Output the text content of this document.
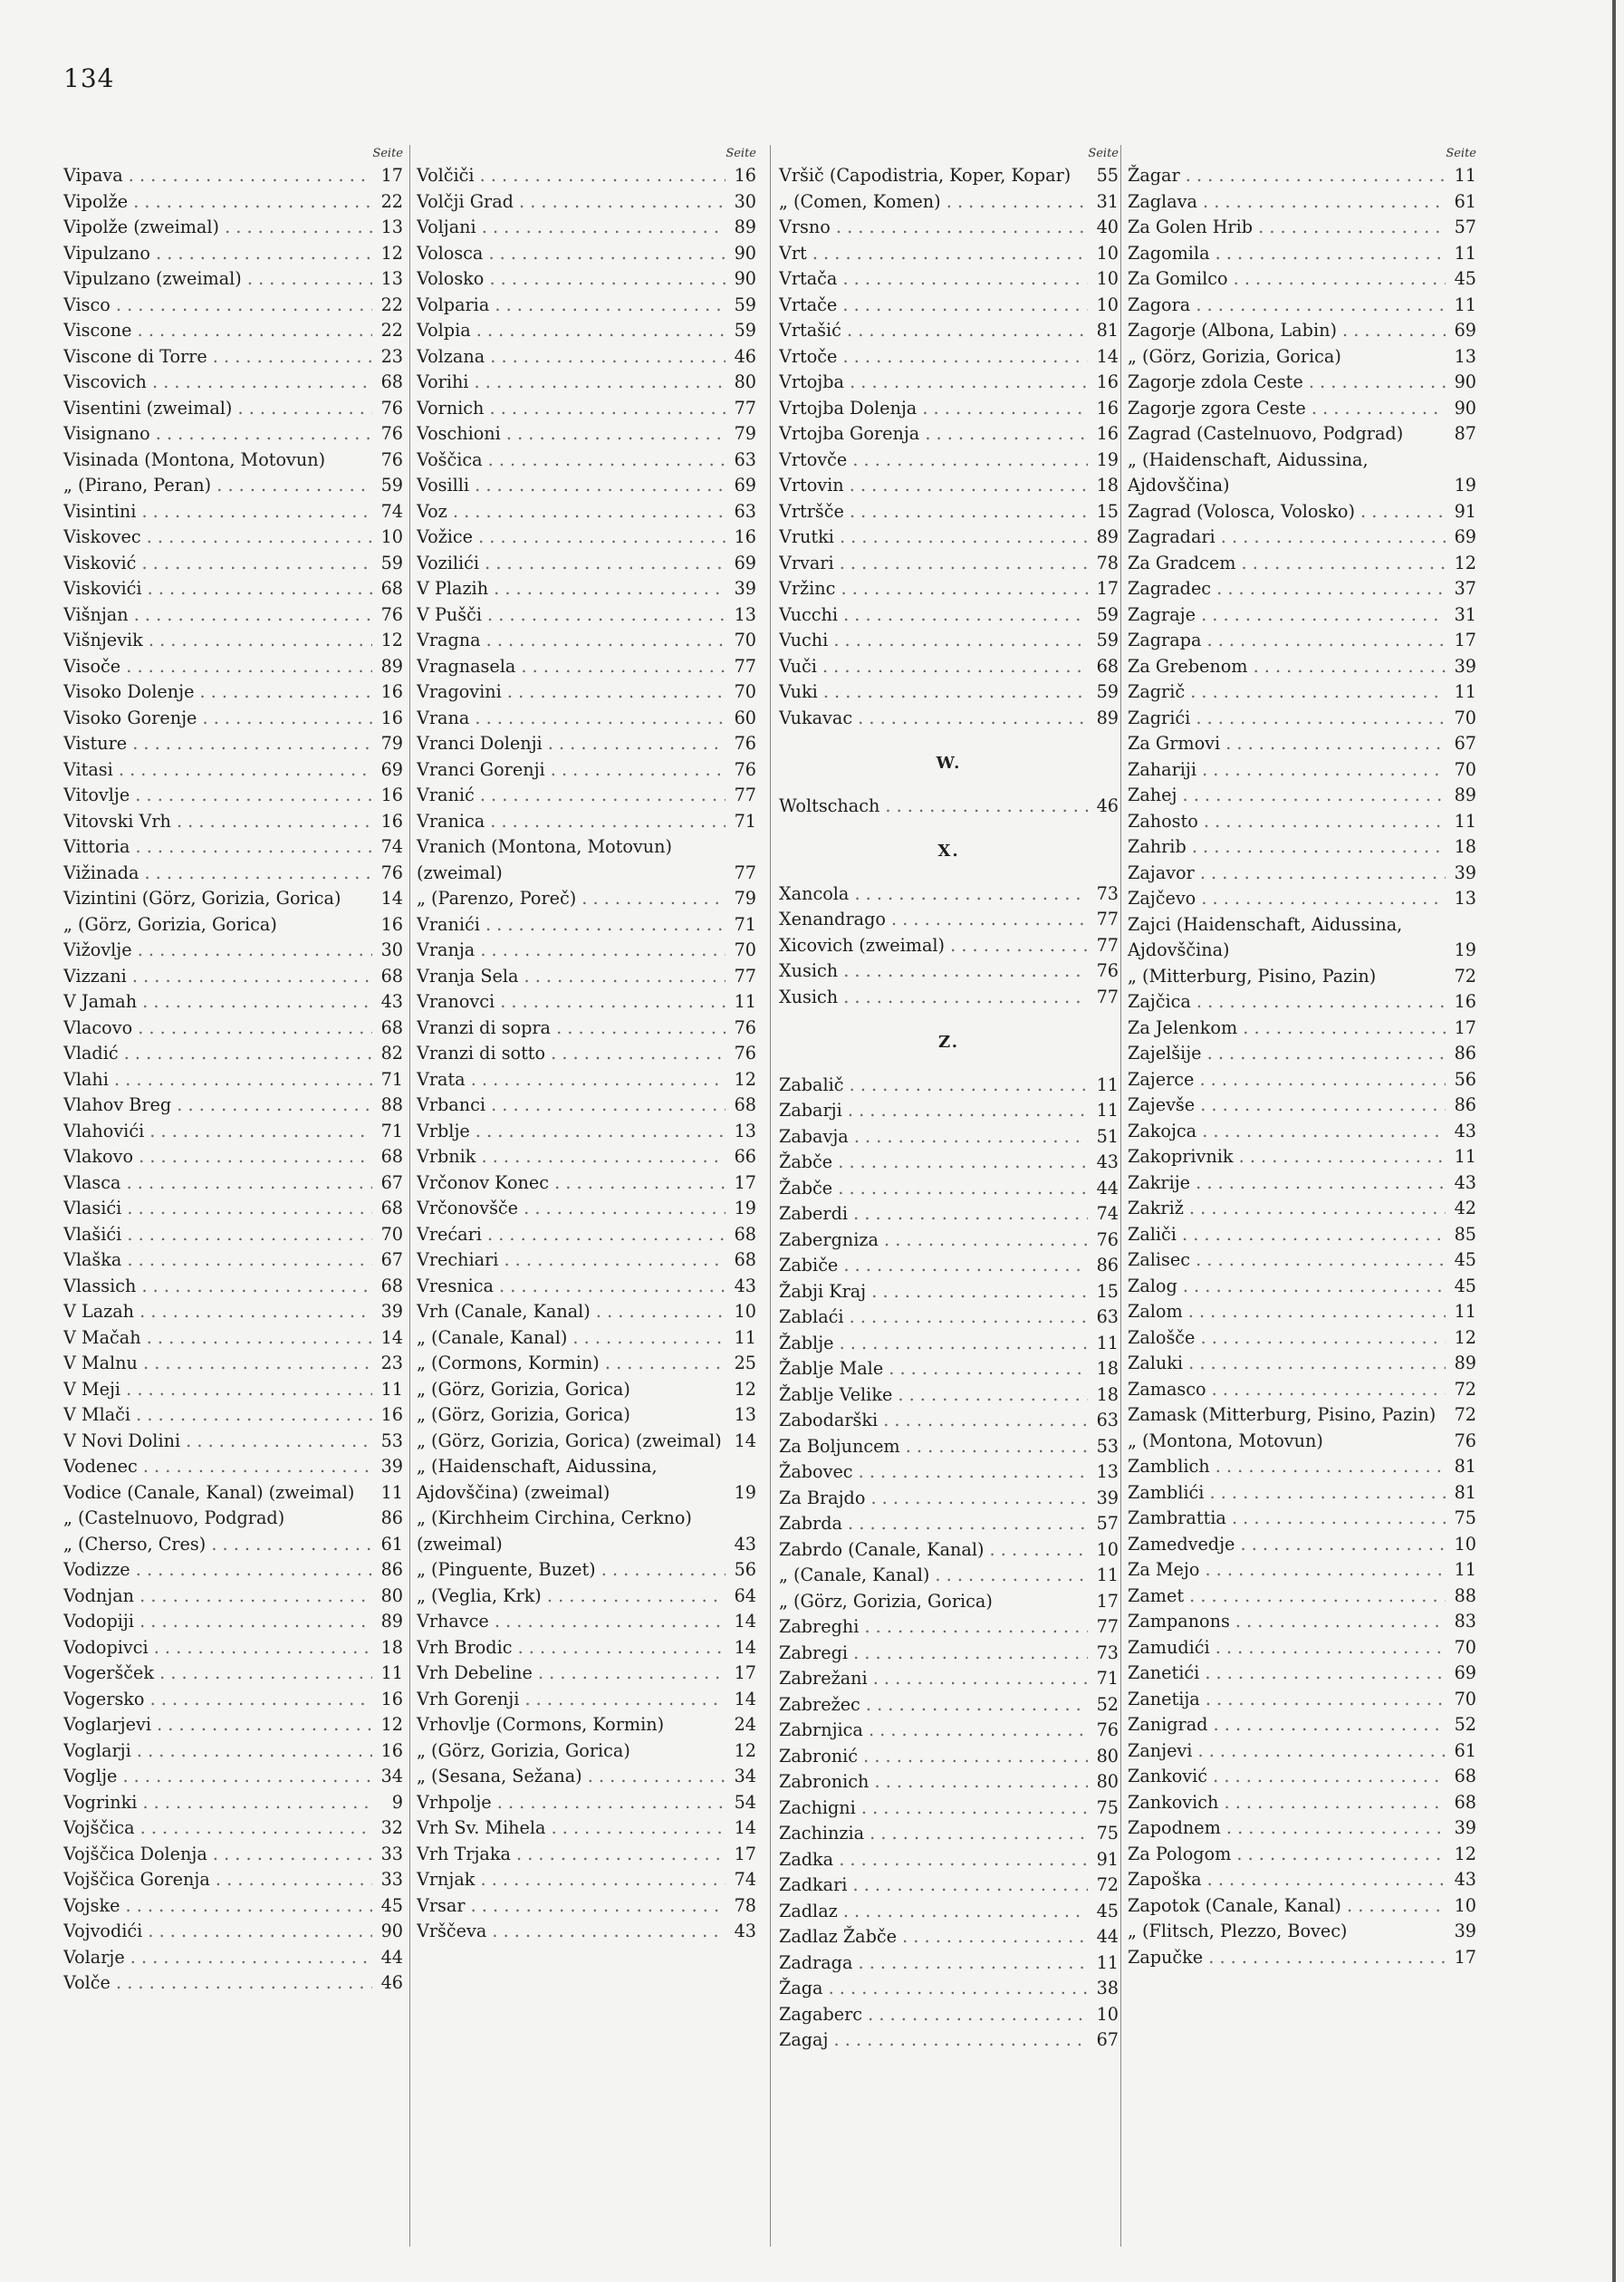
134
Seite
Vipava . . .	17
Vipolže . . .	22
Vipolže (zweimal) . . .	13
Vipulzano . . .	12
Vipulzano (zweimal) . . .	13
Visco . . .	22
Viscone . . .	22
Viscone di Torre . . .	23
Viscovich . . .	68
Visentini (zweimal) . . .	76
Visignano . . .	76
Visinada (Montona, Motovun)	76
„ (Pirano, Peran) . . .	59
Visintini . . .	74
Viskovec . . .	10
Visković . . .	59
Viskovići . . .	68
Višnjan . . .	76
Višnjevik . . .	12
Visoče . . .	89
Visoko Dolenje . . .	16
Visoko Gorenje . . .	16
Visture . . .	79
Vitasi . . .	69
Vitovlje . . .	16
Vitovski Vrh . . .	16
Vittoria . . .	74
Vižinada . . .	76
Vizintini (Görz, Gorizia, Gorica)	14
„ (Görz, Gorizia, Gorica)	16
Vižovlje . . .	30
Vizzani . . .	68
V Jamah . . .	43
Vlacovo . . .	68
Vladić . . .	82
Vlahi . . .	71
Vlahov Breg . . .	88
Vlahovići . . .	71
Vlakovo . . .	68
Vlasca . . .	67
Vlasići . . .	68
Vlašići . . .	70
Vlaška . . .	67
Vlassich . . .	68
V Lazah . . .	39
V Mačah . . .	14
V Malnu . . .	23
V Meji . . .	11
V Mlači . . .	16
V Novi Dolini . . .	53
Vodenec . . .	39
Vodice (Canale, Kanal) (zweimal)	11
„ (Castelnuovo, Podgrad)	86
„ (Cherso, Cres) . . .	61
Vodizze . . .	86
Vodnjan . . .	80
Vodopiji . . .	89
Vodopivci . . .	18
Vogeršček . . .	11
Vogersko . . .	16
Voglarjevi . . .	12
Voglarji . . .	16
Voglje . . .	34
Vogrinki . . .	9
Vojščica . . .	32
Vojščica Dolenja . . .	33
Vojščica Gorenja . . .	33
Vojske . . .	45
Vojvodići . . .	90
Volarje . . .	44
Volče . . .	46
Seite
Volčiči . . .	16
Volčji Grad . . .	30
Voljani . . .	89
Volosca . . .	90
Volosko . . .	90
Volparia . . .	59
Volpia . . .	59
Volzana . . .	46
Vorihi . . .	80
Vornich . . .	77
Voschioni . . .	79
Voščica . . .	63
Vosilli . . .	69
Voz . . .	63
Vožice . . .	16
Vozilići . . .	69
V Plazih . . .	39
V Pušči . . .	13
Vragna . . .	70
Vragnasela . . .	77
Vragovini . . .	70
Vrana . . .	60
Vranci Dolenji . . .	76
Vranci Gorenji . . .	76
Vranić . . .	77
Vranica . . .	71
Vranich (Montona, Motovun) (zweimal)	77
„ (Parenzo, Poreč) . . .	79
Vranići . . .	71
Vranja . . .	70
Vranja Sela . . .	77
Vranovci . . .	11
Vranzi di sopra . . .	76
Vranzi di sotto . . .	76
Vrata . . .	12
Vrbanci . . .	68
Vrblje . . .	13
Vrbnik . . .	66
Vrčonov Konec . . .	17
Vrčonovšče . . .	19
Vrećari . . .	68
Vrechiari . . .	68
Vresnica . . .	43
Vrh (Canale, Kanal) . . .	10
„ (Canale, Kanal) . . .	11
„ (Cormons, Kormin) . . .	25
„ (Görz, Gorizia, Gorica)	12
„ (Görz, Gorizia, Gorica)	13
„ (Görz, Gorizia, Gorica) (zweimal) 14
„ (Haidenschaft, Aidussina, Ajdovščina) (zweimal)	19
„ (Kirchheim Circhina, Cerkno) (zweimal)	43
„ (Pinguente, Buzet) . . .	56
„ (Veglia, Krk) . . .	64
Vrhavce . . .	14
Vrh Brodic . . .	14
Vrh Debeline . . .	17
Vrh Gorenji . . .	14
Vrhovlje (Cormons, Kormin)	24
„ (Görz, Gorizia, Gorica)	12
„ (Sesana, Sežana) . . .	34
Vrhpolje . . .	54
Vrh Sv. Mihela . . .	14
Vrh Trjaka . . .	17
Vrnjak . . .	74
Vrsar . . .	78
Vrščeva . . .	43
Seite
Vršič (Capodistria, Koper, Kopar)	55
„ (Comen, Komen) . . .	31
Vrsno . . .	40
Vrt . . .	10
Vrtača . . .	10
Vrtače . . .	10
Vrtašić . . .	81
Vrtoče . . .	14
Vrtojba . . .	16
Vrtojba Dolenja . . .	16
Vrtojba Gorenja . . .	16
Vrtovče . . .	19
Vrtovin . . .	18
Vrtršče . . .	15
Vrutki . . .	89
Vrvari . . .	78
Vržinc . . .	17
Vucchi . . .	59
Vuchi . . .	59
Vuči . . .	68
Vuki . . .	59
Vukavac . . .	89
W.
Woltschach . . .	46
X.
Xancola . . .	73
Xenandrago . . .	77
Xicovich (zweimal) . . .	77
Xusich . . .	76
Xusich . . .	77
Z.
Zabalič . . .	11
Zabarji . . .	11
Zabavja . . .	51
Žabče . . .	43
Žabče . . .	44
Zaberdi . . .	74
Zabergniza . . .	76
Zabiče . . .	86
Žabji Kraj . . .	15
Zablaći . . .	63
Žablje . . .	11
Žablje Male . . .	18
Žablje Velike . . .	18
Zabodarški . . .	63
Za Boljuncem . . .	53
Žabovec . . .	13
Za Brajdo . . .	39
Zabrda . . .	57
Zabrdo (Canale, Kanal) . . .	10
„ (Canale, Kanal) . . .	11
„ (Görz, Gorizia, Gorica)	17
Zabreghi . . .	77
Zabregi . . .	73
Zabrežani . . .	71
Zabrežec . . .	52
Zabrnjica . . .	76
Zabronić . . .	80
Zabronich . . .	80
Zachigni . . .	75
Zachinzia . . .	75
Zadka . . .	91
Zadkari . . .	72
Zadlaz . . .	45
Zadlaz Žabče . . .	44
Zadraga . . .	11
Žaga . . .	38
Zagaberc . . .	10
Zagaj . . .	67
Seite
Žagar . . .	11
Zaglava . . .	61
Za Golen Hrib . . .	57
Zagomila . . .	11
Za Gomilco . . .	45
Zagora . . .	11
Zagorje (Albona, Labin) . . .	69
„ (Görz, Gorizia, Gorica)	13
Zagorje zdola Ceste . . .	90
Zagorje zgora Ceste . . .	90
Zagrad (Castelnuovo, Podgrad)	87
„ (Haidenschaft, Aidussina, Ajdovščina)	19
Zagrad (Volosca, Volosko) . . .	91
Zagradari . . .	69
Za Gradcem . . .	12
Zagradec . . .	37
Zagraje . . .	31
Zagrapa . . .	17
Za Grebenom . . .	39
Zagrič . . .	11
Zagrići . . .	70
Za Grmovi . . .	67
Zahariji . . .	70
Zahej . . .	89
Zahosto . . .	11
Zahrib . . .	18
Zajavor . . .	39
Zajčevo . . .	13
Zajci (Haidenschaft, Aidussina, Ajdovščina)	19
„ (Mitterburg, Pisino, Pazin)	72
Zajčica . . .	16
Za Jelenkom . . .	17
Zajelšije . . .	86
Zajerce . . .	56
Zajevše . . .	86
Zakojca . . .	43
Zakoprivnik . . .	11
Zakrije . . .	43
Zakriž . . .	42
Zaliči . . .	85
Zalisec . . .	45
Zalog . . .	45
Zalom . . .	11
Zalošče . . .	12
Zaluki . . .	89
Zamasco . . .	72
Zamask (Mitterburg, Pisino, Pazin)	72
„ (Montona, Motovun)	76
Zamblich . . .	81
Zamblići . . .	81
Zambrattia . . .	75
Zamedvedje . . .	10
Za Mejo . . .	11
Zamet . . .	88
Zampanons . . .	83
Zamudići . . .	70
Zanetići . . .	69
Zanetija . . .	70
Zanigrad . . .	52
Zanjevi . . .	61
Zanković . . .	68
Zankovich . . .	68
Zapodnem . . .	39
Za Pologom . . .	12
Zapoška . . .	43
Zapotok (Canale, Kanal) . . .	10
„ (Flitsch, Plezzo, Bovec)	39
Zapučke . . .	17
